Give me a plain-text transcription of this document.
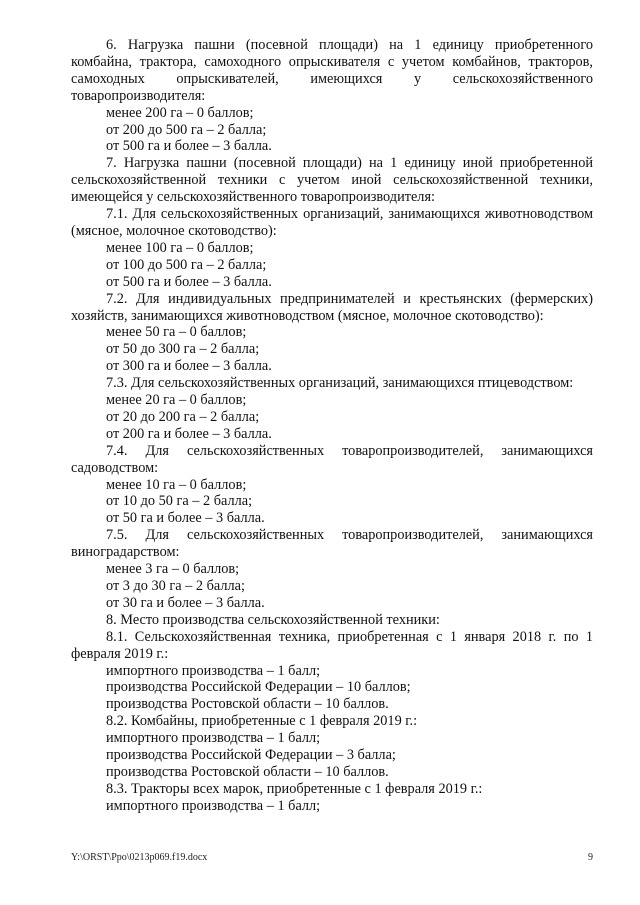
6. Нагрузка пашни (посевной площади) на 1 единицу приобретенного комбайна, трактора, самоходного опрыскивателя с учетом комбайнов, тракторов, самоходных опрыскивателей, имеющихся у сельскохозяйственного товаропроизводителя:

менее 200 га – 0 баллов;

от 200 до 500 га – 2 балла;

от 500 га и более – 3 балла.

7. Нагрузка пашни (посевной площади) на 1 единицу иной приобретенной сельскохозяйственной техники с учетом иной сельскохозяйственной техники, имеющейся у сельскохозяйственного товаропроизводителя:

7.1. Для сельскохозяйственных организаций, занимающихся животноводством (мясное, молочное скотоводство):

менее 100 га – 0 баллов;

от 100 до 500 га – 2 балла;

от 500 га и более – 3 балла.

7.2. Для индивидуальных предпринимателей и крестьянских (фермерских) хозяйств, занимающихся животноводством (мясное, молочное скотоводство):

менее 50 га – 0 баллов;

от 50 до 300 га – 2 балла;

от 300 га и более – 3 балла.

7.3. Для сельскохозяйственных организаций, занимающихся птицеводством:

менее 20 га – 0 баллов;

от 20 до 200 га – 2 балла;

от 200 га и более – 3 балла.

7.4. Для сельскохозяйственных товаропроизводителей, занимающихся садоводством:

менее 10 га – 0 баллов;

от 10 до 50 га – 2 балла;

от 50 га и более – 3 балла.

7.5. Для сельскохозяйственных товаропроизводителей, занимающихся виноградарством:

менее 3 га – 0 баллов;

от 3 до 30 га – 2 балла;

от 30 га и более – 3 балла.

8. Место производства сельскохозяйственной техники:

8.1. Сельскохозяйственная техника, приобретенная с 1 января 2018 г. по 1 февраля 2019 г.:

импортного производства – 1 балл;

производства Российской Федерации – 10 баллов;

производства Ростовской области – 10 баллов.

8.2. Комбайны, приобретенные с 1 февраля 2019 г.:

импортного производства – 1 балл;

производства Российской Федерации – 3 балла;

производства Ростовской области – 10 баллов.

8.3. Тракторы всех марок, приобретенные с 1 февраля 2019 г.:

импортного производства – 1 балл;

Y:\ORST\Ppo\0213p069.f19.docx	9
